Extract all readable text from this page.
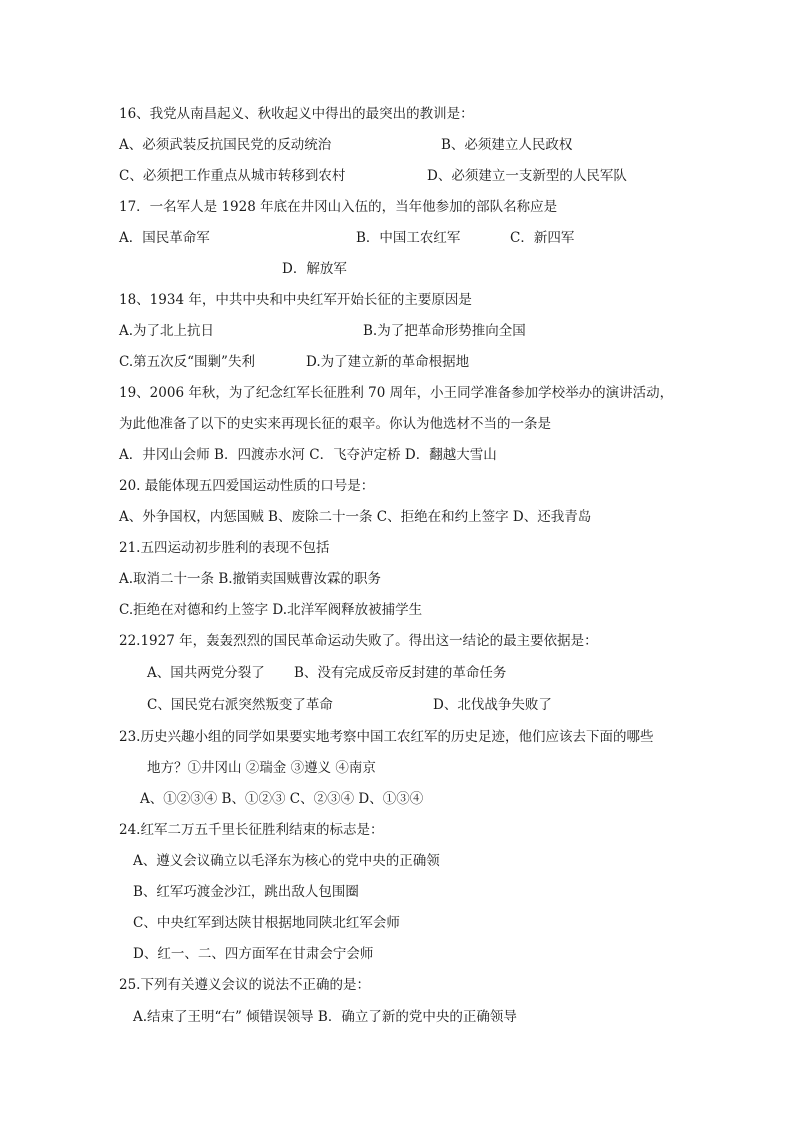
16、我党从南昌起义、秋收起义中得出的最突出的教训是：
A、必须武装反抗国民党的反动统治	B、必须建立人民政权
C、必须把工作重点从城市转移到农村	D、必须建立一支新型的人民军队
17．一名军人是 1928 年底在井冈山入伍的，当年他参加的部队名称应是
A．国民革命军	B．中国工农红军	C．新四军
D．解放军
18、1934 年，中共中央和中央红军开始长征的主要原因是
A.为了北上抗日	B.为了把革命形势推向全国
C.第五次反“围剿”失利	D.为了建立新的革命根据地
19、2006 年秋，为了纪念红军长征胜利 70 周年，小王同学准备参加学校举办的演讲活动，
为此他准备了以下的史实来再现长征的艰辛。你认为他选材不当的一条是
A．井冈山会师 B．四渡赤水河 C．飞夺泸定桥 D．翻越大雪山
20. 最能体现五四爱国运动性质的口号是：
A、外争国权，内惩国贼 B、废除二十一条 C、拒绝在和约上签字 D、还我青岛
21.五四运动初步胜利的表现不包括
A.取消二十一条 B.撤销卖国贼曹汝霖的职务
C.拒绝在对德和约上签字 D.北洋军阀释放被捕学生
22.1927 年，轰轰烈烈的国民革命运动失败了。得出这一结论的最主要依据是：
A、国共两党分裂了 B、没有完成反帝反封建的革命任务
C、国民党右派突然叛变了革命	D、北伐战争失败了
23.历史兴趣小组的同学如果要实地考察中国工农红军的历史足迹，他们应该去下面的哪些
地方？①井冈山 ②瑞金 ③遵义 ④南京
A、①②③④ B、①②③ C、②③④ D、①③④
24.红军二万五千里长征胜利结束的标志是：
A、遵义会议确立以毛泽东为核心的党中央的正确领
B、红军巧渡金沙江，跳出敌人包围圈
C、中央红军到达陕甘根据地同陕北红军会师
D、红一、二、四方面军在甘肃会宁会师
25.下列有关遵义会议的说法不正确的是：
A.结束了王明“右” 倾错误领导 B．确立了新的党中央的正确领导
